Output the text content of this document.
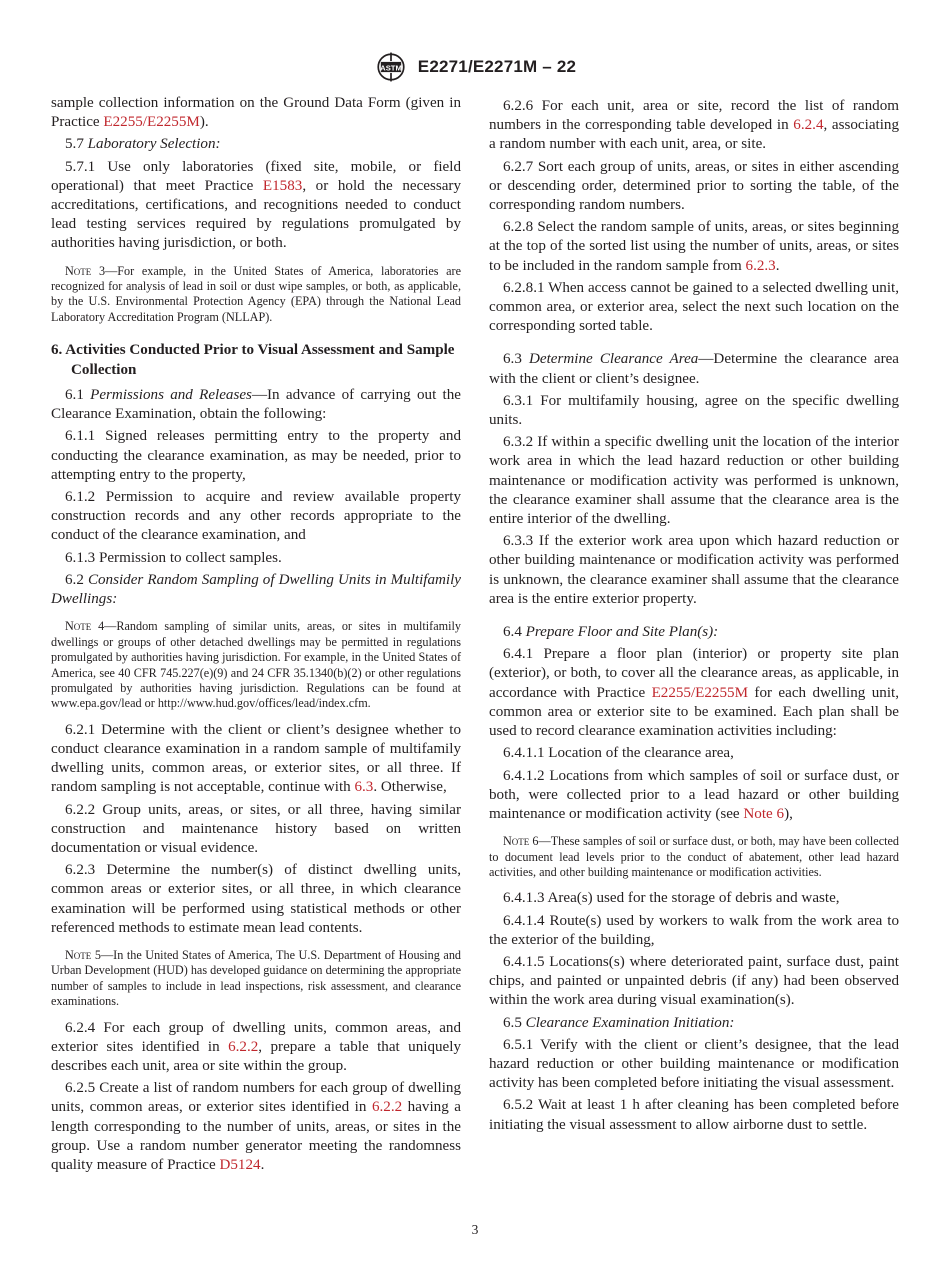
ASTM E2271/E2271M – 22

sample collection information on the Ground Data Form (given in Practice E2255/E2255M).

5.7 Laboratory Selection:

5.7.1 Use only laboratories (fixed site, mobile, or field operational) that meet Practice E1583, or hold the necessary accreditations, certifications, and recognitions needed to conduct lead testing services required by regulations promulgated by authorities having jurisdiction, or both.

Note 3—For example, in the United States of America, laboratories are recognized for analysis of lead in soil or dust wipe samples, or both, as applicable, by the U.S. Environmental Protection Agency (EPA) through the National Lead Laboratory Accreditation Program (NLLAP).
6. Activities Conducted Prior to Visual Assessment and Sample Collection

6.1 Permissions and Releases—In advance of carrying out the Clearance Examination, obtain the following:

6.1.1 Signed releases permitting entry to the property and conducting the clearance examination, as may be needed, prior to attempting entry to the property,

6.1.2 Permission to acquire and review available property construction records and any other records appropriate to the conduct of the clearance examination, and

6.1.3 Permission to collect samples.

6.2 Consider Random Sampling of Dwelling Units in Multifamily Dwellings:

Note 4—Random sampling of similar units, areas, or sites in multifamily dwellings or groups of other detached dwellings may be permitted in regulations promulgated by authorities having jurisdiction. For example, in the United States of America, see 40 CFR 745.227(e)(9) and 24 CFR 35.1340(b)(2) or other regulations promulgated by authorities having jurisdiction. Regulations can be found at www.epa.gov/lead or http://www.hud.gov/offices/lead/index.cfm.

6.2.1 Determine with the client or client’s designee whether to conduct clearance examination in a random sample of multifamily dwelling units, common areas, or exterior sites, or all three. If random sampling is not acceptable, continue with 6.3. Otherwise,

6.2.2 Group units, areas, or sites, or all three, having similar construction and maintenance history based on written documentation or visual evidence.

6.2.3 Determine the number(s) of distinct dwelling units, common areas or exterior sites, or all three, in which clearance examination will be performed using statistical methods or other referenced methods to estimate mean lead contents.

Note 5—In the United States of America, The U.S. Department of Housing and Urban Development (HUD) has developed guidance on determining the appropriate number of samples to include in lead inspections, risk assessment, and clearance examinations.

6.2.4 For each group of dwelling units, common areas, and exterior sites identified in 6.2.2, prepare a table that uniquely describes each unit, area or site within the group.

6.2.5 Create a list of random numbers for each group of dwelling units, common areas, or exterior sites identified in 6.2.2 having a length corresponding to the number of units, areas, or sites in the group. Use a random number generator meeting the randomness quality measure of Practice D5124.

6.2.6 For each unit, area or site, record the list of random numbers in the corresponding table developed in 6.2.4, associating a random number with each unit, area, or site.

6.2.7 Sort each group of units, areas, or sites in either ascending or descending order, determined prior to sorting the table, of the corresponding random numbers.

6.2.8 Select the random sample of units, areas, or sites beginning at the top of the sorted list using the number of units, areas, or sites to be included in the random sample from 6.2.3.

6.2.8.1 When access cannot be gained to a selected dwelling unit, common area, or exterior area, select the next such location on the corresponding sorted table.

6.3 Determine Clearance Area—Determine the clearance area with the client or client’s designee.

6.3.1 For multifamily housing, agree on the specific dwelling units.

6.3.2 If within a specific dwelling unit the location of the interior work area in which the lead hazard reduction or other building maintenance or modification activity was performed is unknown, the clearance examiner shall assume that the clearance area is the entire interior of the dwelling.

6.3.3 If the exterior work area upon which hazard reduction or other building maintenance or modification activity was performed is unknown, the clearance examiner shall assume that the clearance area is the entire exterior property.

6.4 Prepare Floor and Site Plan(s):

6.4.1 Prepare a floor plan (interior) or property site plan (exterior), or both, to cover all the clearance areas, as applicable, in accordance with Practice E2255/E2255M for each dwelling unit, common area or exterior site to be examined. Each plan shall be used to record clearance examination activities including:

6.4.1.1 Location of the clearance area,

6.4.1.2 Locations from which samples of soil or surface dust, or both, were collected prior to a lead hazard or other building maintenance or modification activity (see Note 6),

Note 6—These samples of soil or surface dust, or both, may have been collected to document lead levels prior to the conduct of abatement, other lead hazard activities, and other building maintenance or modification activities.

6.4.1.3 Area(s) used for the storage of debris and waste,

6.4.1.4 Route(s) used by workers to walk from the work area to the exterior of the building,

6.4.1.5 Locations(s) where deteriorated paint, surface dust, paint chips, and painted or unpainted debris (if any) had been observed within the work area during visual examination(s).

6.5 Clearance Examination Initiation:

6.5.1 Verify with the client or client’s designee, that the lead hazard reduction or other building maintenance or modification activity has been completed before initiating the visual assessment.

6.5.2 Wait at least 1 h after cleaning has been completed before initiating the visual assessment to allow airborne dust to settle.

3
